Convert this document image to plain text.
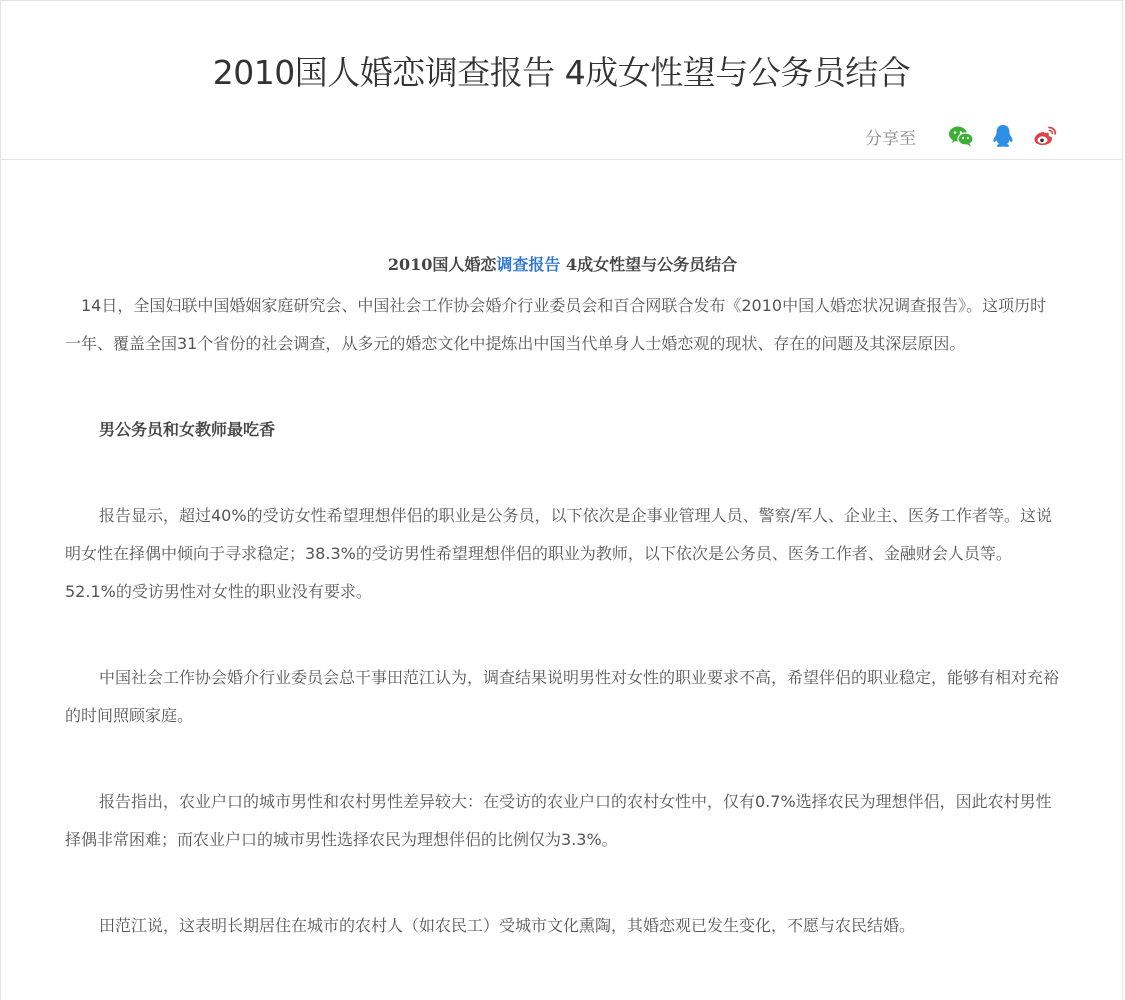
2010国人婚恋调查报告 4成女性望与公务员结合
分享至

2010国人婚恋调查报告 4成女性望与公务员结合

14日，全国妇联中国婚姻家庭研究会、中国社会工作协会婚介行业委员会和百合网联合发布《2010中国人婚恋状况调查报告》。这项历时一年、覆盖全国31个省份的社会调查，从多元的婚恋文化中提炼出中国当代单身人士婚恋观的现状、存在的问题及其深层原因。

男公务员和女教师最吃香

报告显示，超过40%的受访女性希望理想伴侣的职业是公务员，以下依次是企事业管理人员、警察/军人、企业主、医务工作者等。这说明女性在择偶中倾向于寻求稳定；38.3%的受访男性希望理想伴侣的职业为教师，以下依次是公务员、医务工作者、金融财会人员等。52.1%的受访男性对女性的职业没有要求。

中国社会工作协会婚介行业委员会总干事田范江认为，调查结果说明男性对女性的职业要求不高，希望伴侣的职业稳定，能够有相对充裕的时间照顾家庭。

报告指出，农业户口的城市男性和农村男性差异较大：在受访的农业户口的农村女性中，仅有0.7%选择农民为理想伴侣，因此农村男性择偶非常困难；而农业户口的城市男性选择农民为理想伴侣的比例仅为3.3%。

田范江说，这表明长期居住在城市的农村人（如农民工）受城市文化熏陶，其婚恋观已发生变化，不愿与农民结婚。
